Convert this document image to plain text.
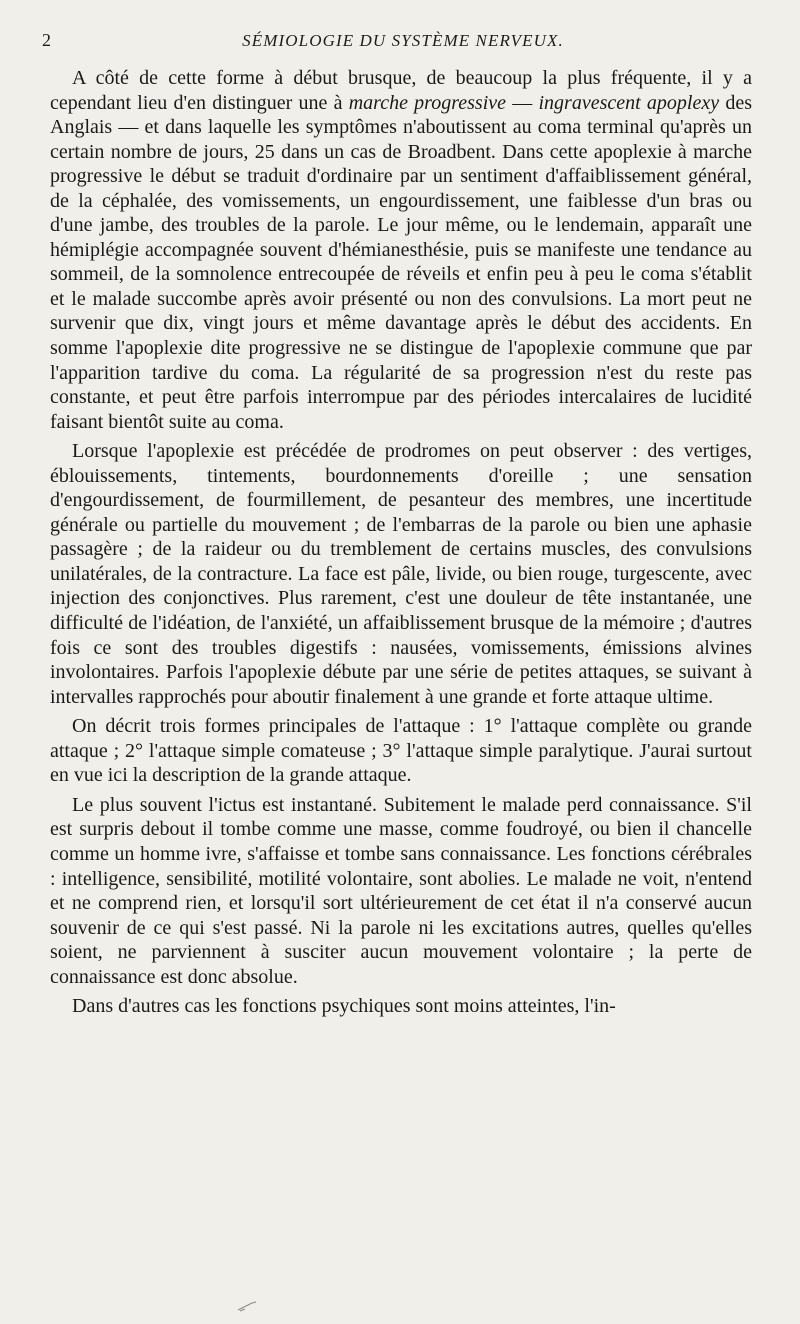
2	SÉMIOLOGIE DU SYSTÈME NERVEUX.

A côté de cette forme à début brusque, de beaucoup la plus fréquente, il y a cependant lieu d'en distinguer une à marche progressive — ingravescent apoplexy des Anglais — et dans laquelle les symptômes n'aboutissent au coma terminal qu'après un certain nombre de jours, 25 dans un cas de Broadbent. Dans cette apoplexie à marche progressive le début se traduit d'ordinaire par un sentiment d'affaiblissement général, de la céphalée, des vomissements, un engourdissement, une faiblesse d'un bras ou d'une jambe, des troubles de la parole. Le jour même, ou le lendemain, apparaît une hémiplégie accompagnée souvent d'hémianesthésie, puis se manifeste une tendance au sommeil, de la somnolence entrecoupée de réveils et enfin peu à peu le coma s'établit et le malade succombe après avoir présenté ou non des convulsions. La mort peut ne survenir que dix, vingt jours et même davantage après le début des accidents. En somme l'apoplexie dite progressive ne se distingue de l'apoplexie commune que par l'apparition tardive du coma. La régularité de sa progression n'est du reste pas constante, et peut être parfois interrompue par des périodes intercalaires de lucidité faisant bientôt suite au coma.

Lorsque l'apoplexie est précédée de prodromes on peut observer : des vertiges, éblouissements, tintements, bourdonnements d'oreille ; une sensation d'engourdissement, de fourmillement, de pesanteur des membres, une incertitude générale ou partielle du mouvement ; de l'embarras de la parole ou bien une aphasie passagère ; de la raideur ou du tremblement de certains muscles, des convulsions unilatérales, de la contracture. La face est pâle, livide, ou bien rouge, turgescente, avec injection des conjonctives. Plus rarement, c'est une douleur de tête instantanée, une difficulté de l'idéation, de l'anxiété, un affaiblissement brusque de la mémoire ; d'autres fois ce sont des troubles digestifs : nausées, vomissements, émissions alvines involontaires. Parfois l'apoplexie débute par une série de petites attaques, se suivant à intervalles rapprochés pour aboutir finalement à une grande et forte attaque ultime.

On décrit trois formes principales de l'attaque : 1° l'attaque complète ou grande attaque ; 2° l'attaque simple comateuse ; 3° l'attaque simple paralytique. J'aurai surtout en vue ici la description de la grande attaque.

Le plus souvent l'ictus est instantané. Subitement le malade perd connaissance. S'il est surpris debout il tombe comme une masse, comme foudroyé, ou bien il chancelle comme un homme ivre, s'affaisse et tombe sans connaissance. Les fonctions cérébrales : intelligence, sensibilité, motilité volontaire, sont abolies. Le malade ne voit, n'entend et ne comprend rien, et lorsqu'il sort ultérieurement de cet état il n'a conservé aucun souvenir de ce qui s'est passé. Ni la parole ni les excitations autres, quelles qu'elles soient, ne parviennent à susciter aucun mouvement volontaire ; la perte de connaissance est donc absolue.

Dans d'autres cas les fonctions psychiques sont moins atteintes, l'in-
